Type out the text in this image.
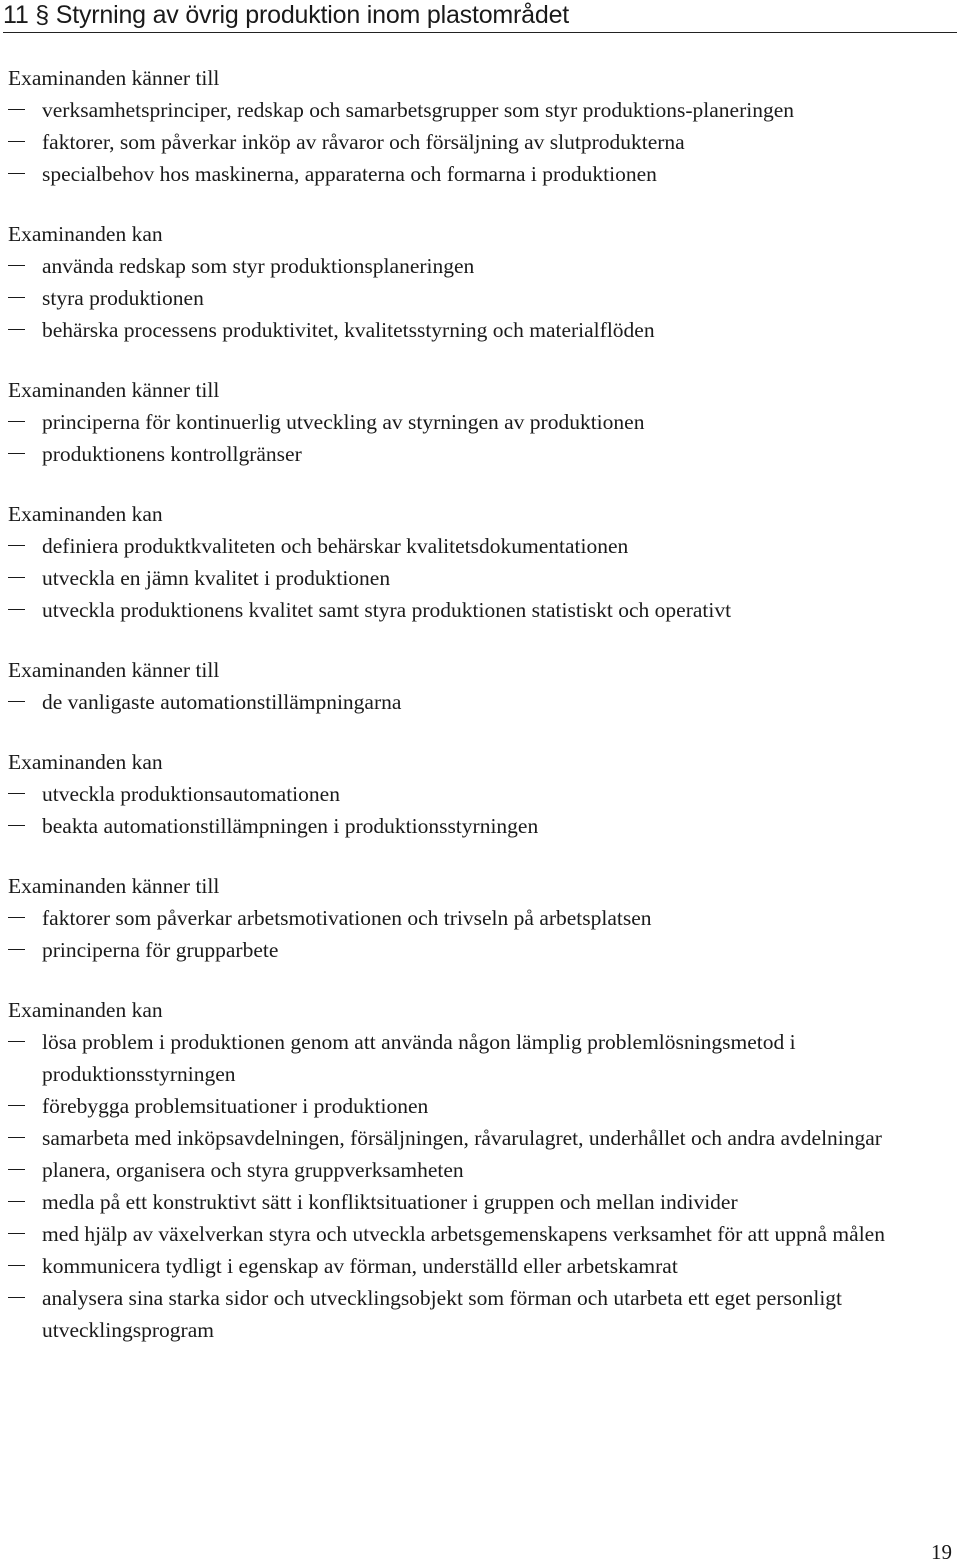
11 § Styrning av övrig produktion inom plastområdet

Examinanden känner till

verksamhetsprinciper, redskap och samarbetsgrupper som styr produktions-planeringen
faktorer, som påverkar inköp av råvaror och försäljning av slutprodukterna
specialbehov hos maskinerna, apparaterna och formarna i produktionen

Examinanden kan

använda redskap som styr produktionsplaneringen
styra produktionen
behärska processens produktivitet, kvalitetsstyrning och materialflöden

Examinanden känner till

principerna för kontinuerlig utveckling av styrningen av produktionen
produktionens kontrollgränser

Examinanden kan

definiera produktkvaliteten och behärskar kvalitetsdokumentationen
utveckla en jämn kvalitet i produktionen
utveckla produktionens kvalitet samt styra produktionen statistiskt och operativt

Examinanden känner till

de vanligaste automationstillämpningarna

Examinanden kan

utveckla produktionsautomationen
beakta automationstillämpningen i produktionsstyrningen

Examinanden känner till

faktorer som påverkar arbetsmotivationen och trivseln på arbetsplatsen
principerna för grupparbete

Examinanden kan

lösa problem i produktionen genom att använda någon lämplig problemlösningsmetod i produktionsstyrningen
förebygga problemsituationer i produktionen
samarbeta med inköpsavdelningen, försäljningen, råvarulagret, underhållet och andra avdelningar
planera, organisera och styra gruppverksamheten
medla på ett konstruktivt sätt i konfliktsituationer i gruppen och mellan individer
med hjälp av växelverkan styra och utveckla arbetsgemenskapens verksamhet för att uppnå målen
kommunicera tydligt i egenskap av förman, underställd eller arbetskamrat
analysera sina starka sidor och utvecklingsobjekt som förman och utarbeta ett eget personligt utvecklingsprogram
19
